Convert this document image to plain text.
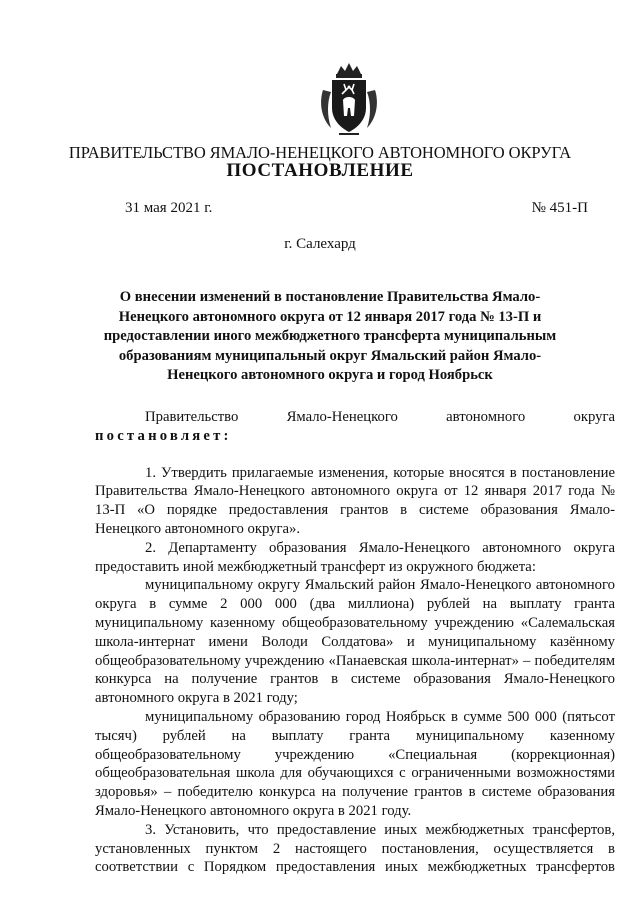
ПРАВИТЕЛЬСТВО ЯМАЛО-НЕНЕЦКОГО АВТОНОМНОГО ОКРУГА
ПОСТАНОВЛЕНИЕ
31 мая 2021 г.	№ 451-П
г. Салехард
О внесении изменений в постановление Правительства Ямало-Ненецкого автономного округа от 12 января 2017 года № 13-П и предоставлении иного межбюджетного трансферта муниципальным образованиям муниципальный округ Ямальский район Ямало-Ненецкого автономного округа и город Ноябрьск
Правительство	Ямало-Ненецкого	автономного	округа
постановляет:

1. Утвердить прилагаемые изменения, которые вносятся в постановление Правительства Ямало-Ненецкого автономного округа от 12 января 2017 года № 13-П «О порядке предоставления грантов в системе образования Ямало-Ненецкого автономного округа».

2. Департаменту образования Ямало-Ненецкого автономного округа предоставить иной межбюджетный трансферт из окружного бюджета:

муниципальному округу Ямальский район Ямало-Ненецкого автономного округа в сумме 2 000 000 (два миллиона) рублей на выплату гранта муниципальному казенному общеобразовательному учреждению «Салемальская школа-интернат имени Володи Солдатова» и муниципальному казённому общеобразовательному учреждению «Панаевская школа-интернат» – победителям конкурса на получение грантов в системе образования Ямало-Ненецкого автономного округа в 2021 году;

муниципальному образованию город Ноябрьск в сумме 500 000 (пятьсот тысяч) рублей на выплату гранта муниципальному казенному общеобразовательному учреждению «Специальная (коррекционная) общеобразовательная школа для обучающихся с ограниченными возможностями здоровья» – победителю конкурса на получение грантов в системе образования Ямало-Ненецкого автономного округа в 2021 году.

3. Установить, что предоставление иных межбюджетных трансфертов, установленных пунктом 2 настоящего постановления, осуществляется в соответствии с Порядком предоставления иных межбюджетных трансфертов
